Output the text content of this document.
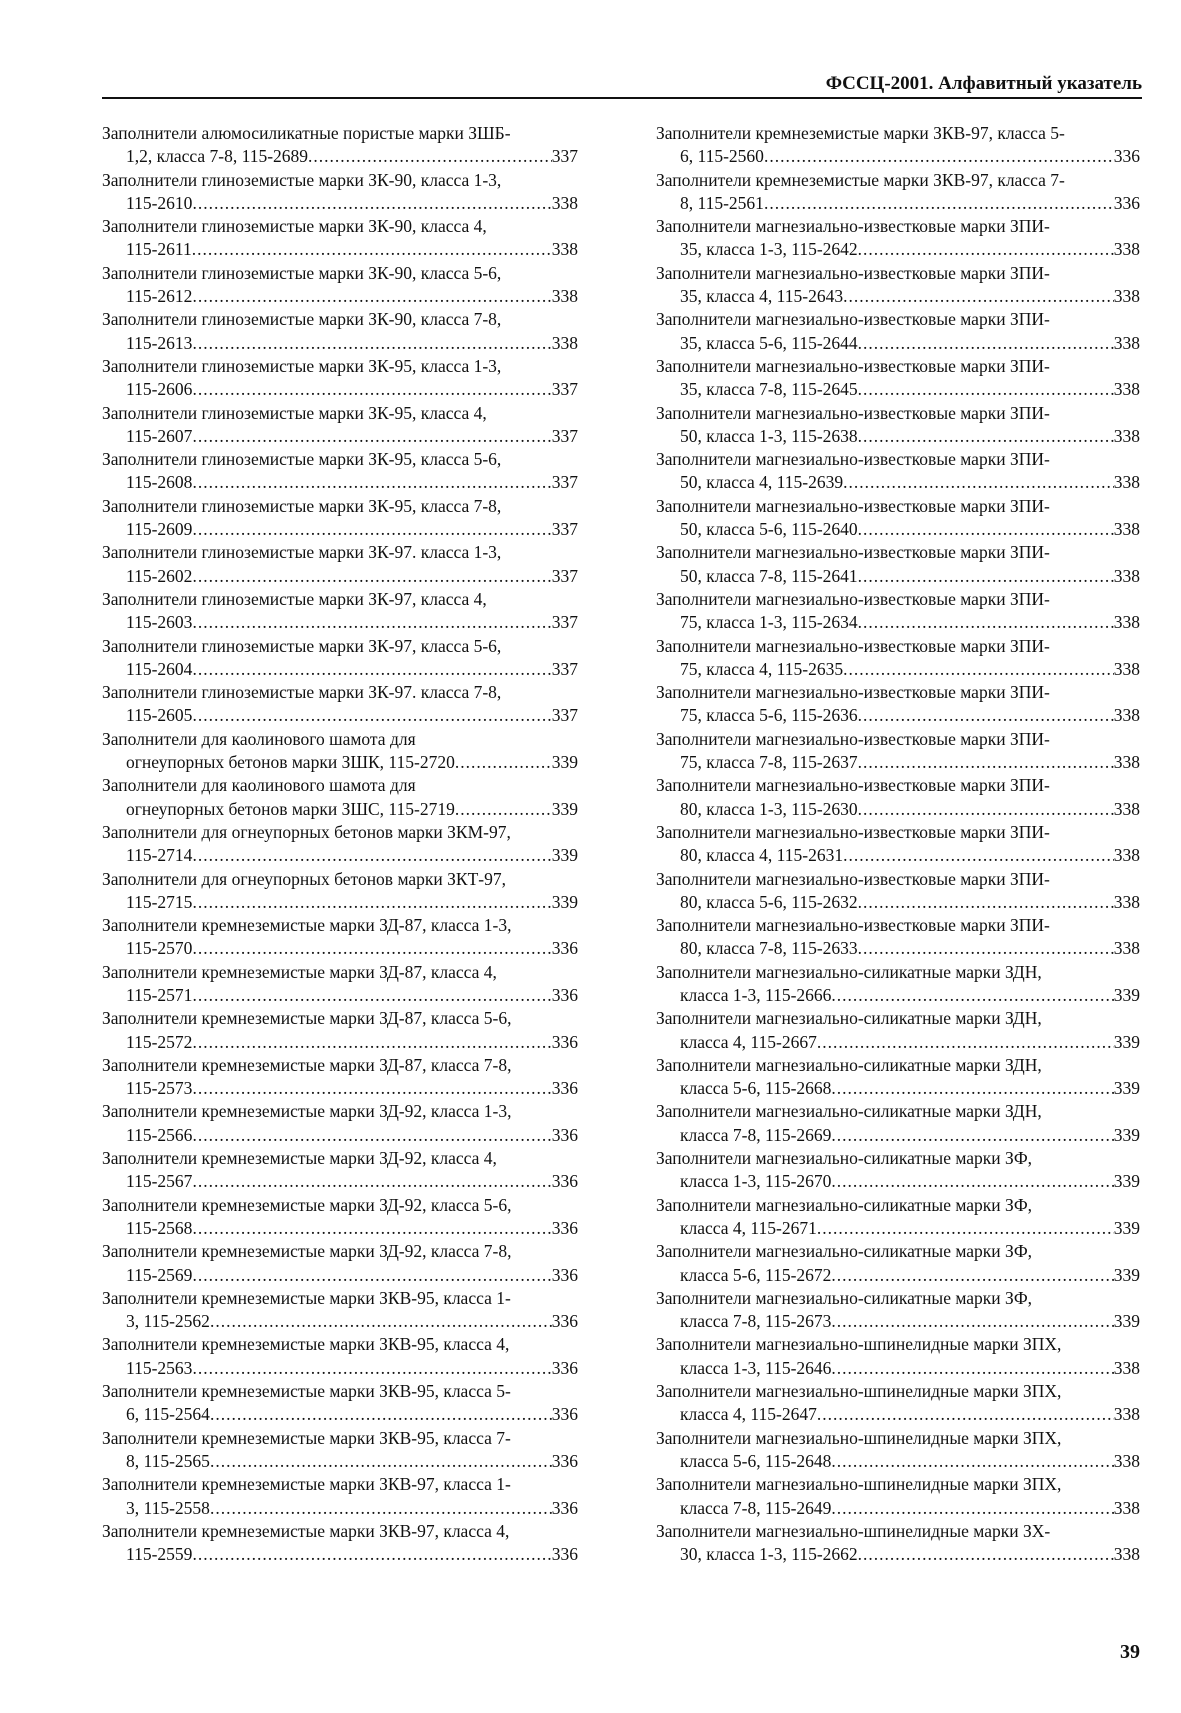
ФССЦ-2001. Алфавитный указатель
Заполнители алюмосиликатные пористые марки ЗШБ-
1,2, класса 7-8, 115-2689 .....	337
Заполнители глиноземистые марки ЗК-90, класса 1-3,
115-2610 .....	338
Заполнители глиноземистые марки ЗК-90, класса 4,
115-2611 .....	338
Заполнители глиноземистые марки ЗК-90, класса 5-6,
115-2612 .....	338
Заполнители глиноземистые марки ЗК-90, класса 7-8,
115-2613 .....	338
Заполнители глиноземистые марки ЗК-95, класса 1-3,
115-2606 .....	337
Заполнители глиноземистые марки ЗК-95, класса 4,
115-2607 .....	337
Заполнители глиноземистые марки ЗК-95, класса 5-6,
115-2608 .....	337
Заполнители глиноземистые марки ЗК-95, класса 7-8,
115-2609 .....	337
Заполнители глиноземистые марки ЗК-97. класса 1-3,
115-2602 .....	337
Заполнители глиноземистые марки ЗК-97, класса 4,
115-2603 .....	337
Заполнители глиноземистые марки ЗК-97, класса 5-6,
115-2604 .....	337
Заполнители глиноземистые марки ЗК-97. класса 7-8,
115-2605 .....	337
Заполнители для каолинового шамота для
огнеупорных бетонов марки ЗШК, 115-2720 .....	339
Заполнители для каолинового шамота для
огнеупорных бетонов марки ЗШС, 115-2719 .....	339
Заполнители для огнеупорных бетонов марки ЗКМ-97,
115-2714 .....	339
Заполнители для огнеупорных бетонов марки ЗКТ-97,
115-2715 .....	339
Заполнители кремнеземистые марки ЗД-87, класса 1-3,
115-2570 .....	336
Заполнители кремнеземистые марки ЗД-87, класса 4,
115-2571 .....	336
Заполнители кремнеземистые марки ЗД-87, класса 5-6,
115-2572 .....	336
Заполнители кремнеземистые марки ЗД-87, класса 7-8,
115-2573 .....	336
Заполнители кремнеземистые марки ЗД-92, класса 1-3,
115-2566 .....	336
Заполнители кремнеземистые марки ЗД-92, класса 4,
115-2567 .....	336
Заполнители кремнеземистые марки ЗД-92, класса 5-6,
115-2568 .....	336
Заполнители кремнеземистые марки ЗД-92, класса 7-8,
115-2569 .....	336
Заполнители кремнеземистые марки ЗКВ-95, класса 1-
3, 115-2562 .....	336
Заполнители кремнеземистые марки ЗКВ-95, класса 4,
115-2563 .....	336
Заполнители кремнеземистые марки ЗКВ-95, класса 5-
6, 115-2564 .....	336
Заполнители кремнеземистые марки ЗКВ-95, класса 7-
8, 115-2565 .....	336
Заполнители кремнеземистые марки ЗКВ-97, класса 1-
3, 115-2558 .....	336
Заполнители кремнеземистые марки ЗКВ-97, класса 4,
115-2559 .....	336
Заполнители кремнеземистые марки ЗКВ-97, класса 5-
6, 115-2560 .....	336
Заполнители кремнеземистые марки ЗКВ-97, класса 7-
8, 115-2561 .....	336
Заполнители магнезиально-известковые марки ЗПИ-
35, класса 1-3, 115-2642 .....	338
Заполнители магнезиально-известковые марки ЗПИ-
35, класса 4, 115-2643 .....	338
Заполнители магнезиально-известковые марки ЗПИ-
35, класса 5-6, 115-2644 .....	338
Заполнители магнезиально-известковые марки ЗПИ-
35, класса 7-8, 115-2645 .....	338
Заполнители магнезиально-известковые марки ЗПИ-
50, класса 1-3, 115-2638 .....	338
Заполнители магнезиально-известковые марки ЗПИ-
50, класса 4, 115-2639 .....	338
Заполнители магнезиально-известковые марки ЗПИ-
50, класса 5-6, 115-2640 .....	338
Заполнители магнезиально-известковые марки ЗПИ-
50, класса 7-8, 115-2641 .....	338
Заполнители магнезиально-известковые марки ЗПИ-
75, класса 1-3, 115-2634 .....	338
Заполнители магнезиально-известковые марки ЗПИ-
75, класса 4, 115-2635 .....	338
Заполнители магнезиально-известковые марки ЗПИ-
75, класса 5-6, 115-2636 .....	338
Заполнители магнезиально-известковые марки ЗПИ-
75, класса 7-8, 115-2637 .....	338
Заполнители магнезиально-известковые марки ЗПИ-
80, класса 1-3, 115-2630 .....	338
Заполнители магнезиально-известковые марки ЗПИ-
80, класса 4, 115-2631 .....	338
Заполнители магнезиально-известковые марки ЗПИ-
80, класса 5-6, 115-2632 .....	338
Заполнители магнезиально-известковые марки ЗПИ-
80, класса 7-8, 115-2633 .....	338
Заполнители магнезиально-силикатные марки ЗДН,
класса 1-3, 115-2666 .....	339
Заполнители магнезиально-силикатные марки ЗДН,
класса 4, 115-2667 .....	339
Заполнители магнезиально-силикатные марки ЗДН,
класса 5-6, 115-2668 .....	339
Заполнители магнезиально-силикатные марки ЗДН,
класса 7-8, 115-2669 .....	339
Заполнители магнезиально-силикатные марки ЗФ,
класса 1-3, 115-2670 .....	339
Заполнители магнезиально-силикатные марки ЗФ,
класса 4, 115-2671 .....	339
Заполнители магнезиально-силикатные марки ЗФ,
класса 5-6, 115-2672 .....	339
Заполнители магнезиально-силикатные марки ЗФ,
класса 7-8, 115-2673 .....	339
Заполнители магнезиально-шпинелидные марки ЗПХ,
класса 1-3, 115-2646 .....	338
Заполнители магнезиально-шпинелидные марки ЗПХ,
класса 4, 115-2647 .....	338
Заполнители магнезиально-шпинелидные марки ЗПХ,
класса 5-6, 115-2648 .....	338
Заполнители магнезиально-шпинелидные марки ЗПХ,
класса 7-8, 115-2649 .....	338
Заполнители магнезиально-шпинелидные марки ЗХ-
30, класса 1-3, 115-2662 .....	338
39
